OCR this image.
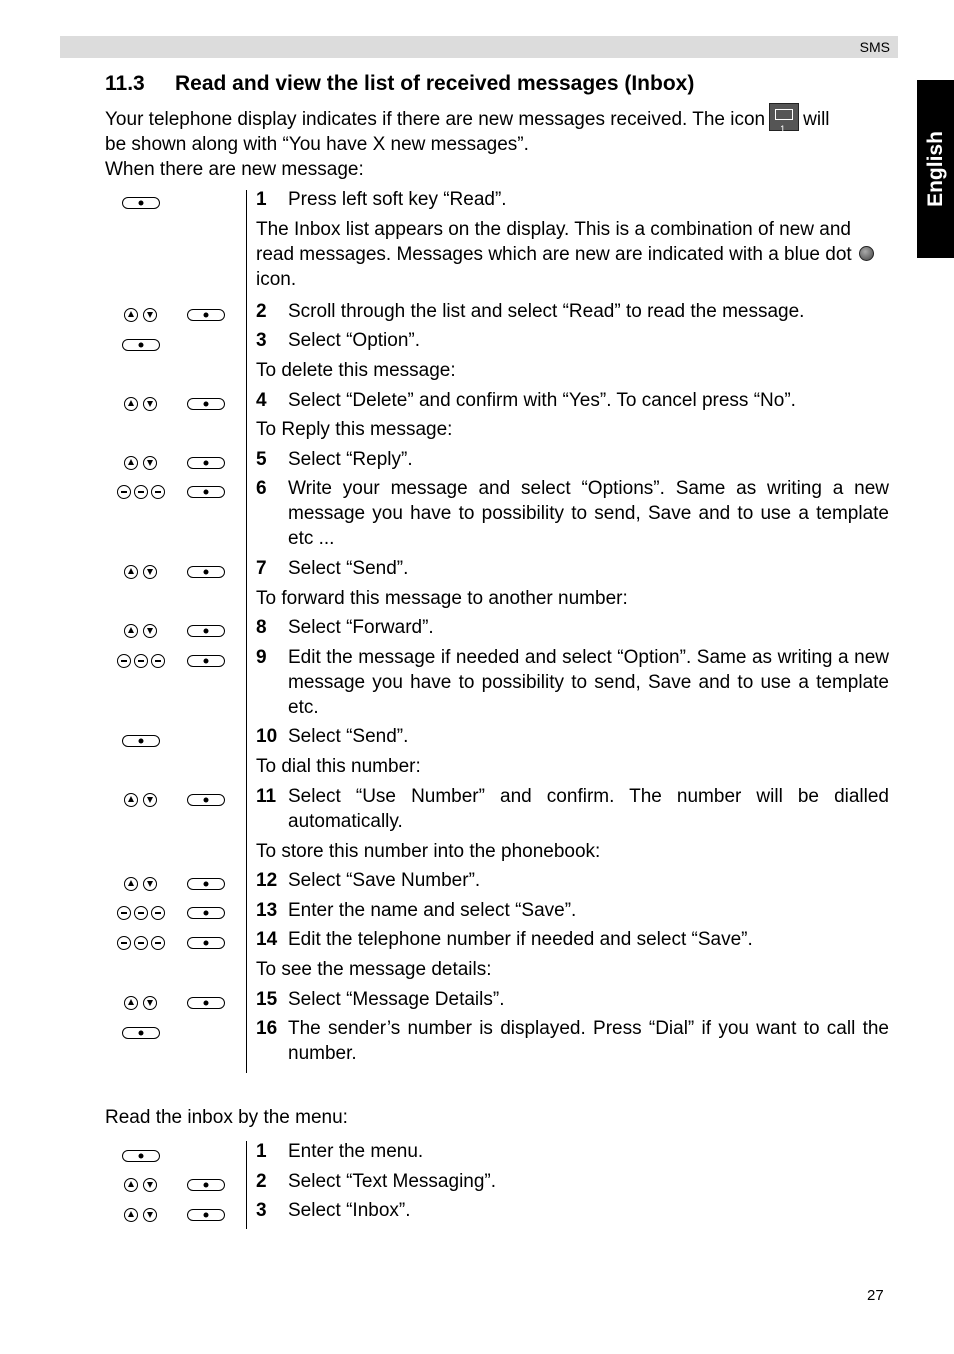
SMS
English
11.3 Read and view the list of received messages (Inbox)
Your telephone display indicates if there are new messages received. The icon1 will
be shown along with “You have X new messages”.
When there are new message:
1 Press left soft key “Read”.
The Inbox list appears on the display. This is a combination of new and read messages. Messages which are new are indicated with a blue dot  icon.
2 Scroll through the list and select “Read” to read the message.
3 Select “Option”.
To delete this message:
4 Select “Delete” and confirm with “Yes”. To cancel press “No”.
To Reply this message:
5 Select “Reply”.
6 Write your message and select “Options”. Same as writing a new message you have to possibility to send, Save and to use a template etc ...
7 Select “Send”.
To forward this message to another number:
8 Select “Forward”.
9 Edit the message if needed and select “Option”. Same as writing a new message you have to possibility to send, Save and to use a template etc.
10 Select “Send”.
To dial this number:
11 Select “Use Number” and confirm. The number will be dialled automatically.
To store this number into the phonebook:
12 Select “Save Number”.
13 Enter the name and select “Save”.
14 Edit the telephone number if needed and select “Save”.
To see the message details:
15 Select “Message Details”.
16 The sender’s number is displayed. Press “Dial” if you want to call the number.
Read the inbox by the menu:
1 Enter the menu.
2 Select “Text Messaging”.
3 Select “Inbox”.
27
